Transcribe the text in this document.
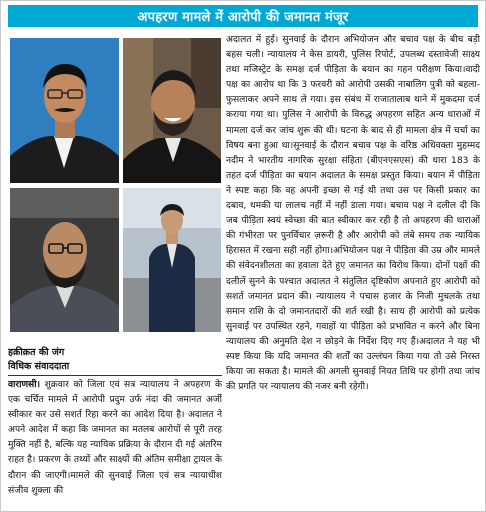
अपहरण मामले में आरोपी की जमानत मंजूर
हक़ीक़त की जंग
विधिक संवाददाता

वाराणसी। शुक्रवार को जिला एवं सत्र न्यायालय ने अपहरण के एक चर्चित मामले में आरोपी प्रदुम उर्फ नंदा की जमानत अर्जी स्वीकार कर उसे सशर्त रिहा करने का आदेश दिया है। अदालत ने अपने आदेश में कहा कि जमानत का मतलब आरोपों से पूरी तरह मुक्ति नहीं है, बल्कि यह न्यायिक प्रक्रिया के दौरान दी गई अंतरिम राहत है। प्रकरण के तथ्यों और साक्ष्यों की अंतिम समीक्षा ट्रायल के दौरान की जाएगी।मामले की सुनवाई जिला एवं सत्र न्यायाधीश संजीव शुक्ला की

अदालत में हुई। सुनवाई के दौरान अभियोजन और बचाव पक्ष के बीच बड़ी बहस चली। न्यायालय ने केस डायरी, पुलिस रिपोर्ट, उपलब्ध दस्तावेजी साक्ष्य तथा मजिस्ट्रेट के समक्ष दर्ज पीड़िता के बयान का गहन परीक्षण किया।वादी पक्ष का आरोप था कि 3 फरवरी को आरोपी उसकी नाबालिग पुत्री को बहला-फुसलाकर अपने साथ ले गया। इस संबंध में राजातालाब थाने में मुकदमा दर्ज कराया गया था। पुलिस ने आरोपी के विरुद्ध अपहरण सहित अन्य धाराओं में मामला दर्ज कर जांच शुरू की थी। घटना के बाद से ही मामला क्षेत्र में चर्चा का विषय बना हुआ था।सुनवाई के दौरान बचाव पक्ष के वरिष्ठ अधिवक्ता मुहम्मद नदीम ने भारतीय नागरिक सुरक्षा संहिता (बीएनएसएस) की धारा 183 के तहत दर्ज पीड़िता का बयान अदालत के समक्ष प्रस्तुत किया। बयान में पीड़िता ने स्पष्ट कहा कि वह अपनी इच्छा से गई थी तथा उस पर किसी प्रकार का दबाव, धमकी या लालच नहीं में नहीं डाला गया। बचाव पक्ष ने दलील दी कि जब पीड़िता स्वयं स्वेच्छा की बात स्वीकार कर रही है तो अपहरण की धाराओं की गंभीरता पर पुनर्विचार ज़रूरी है और आरोपी को लंबे समय तक न्यायिक हिरासत में रखना सही नहीं होगा।अभियोजन पक्ष ने पीड़िता की उम्र और मामले की संवेदनशीलता का हवाला देते हुए जमानत का विरोध किया। दोनों पक्षों की दलीलें सुनने के पश्चात अदालत ने संतुलित दृष्टिकोण अपनाते हुए आरोपी को सशर्त जमानत प्रदान की। न्यायालय ने पचास हजार के निजी मुचलके तथा समान राशि के दो जमानतदारों की शर्त रखी है। साथ ही आरोपी को प्रत्येक सुनवाई पर उपस्थित रहने, गवाहों या पीड़िता को प्रभावित न करने और बिना न्यायालय की अनुमति देश न छोड़ने के निर्देश दिए गए हैं।अदालत ने यह भी स्पष्ट किया कि यदि जमानत की शर्तों का उल्लंघन किया गया तो उसे निरस्त किया जा सकता है। मामले की अगली सुनवाई नियत तिथि पर होगी तथा जांच की प्रगति पर न्यायालय की नजर बनी रहेगी।
